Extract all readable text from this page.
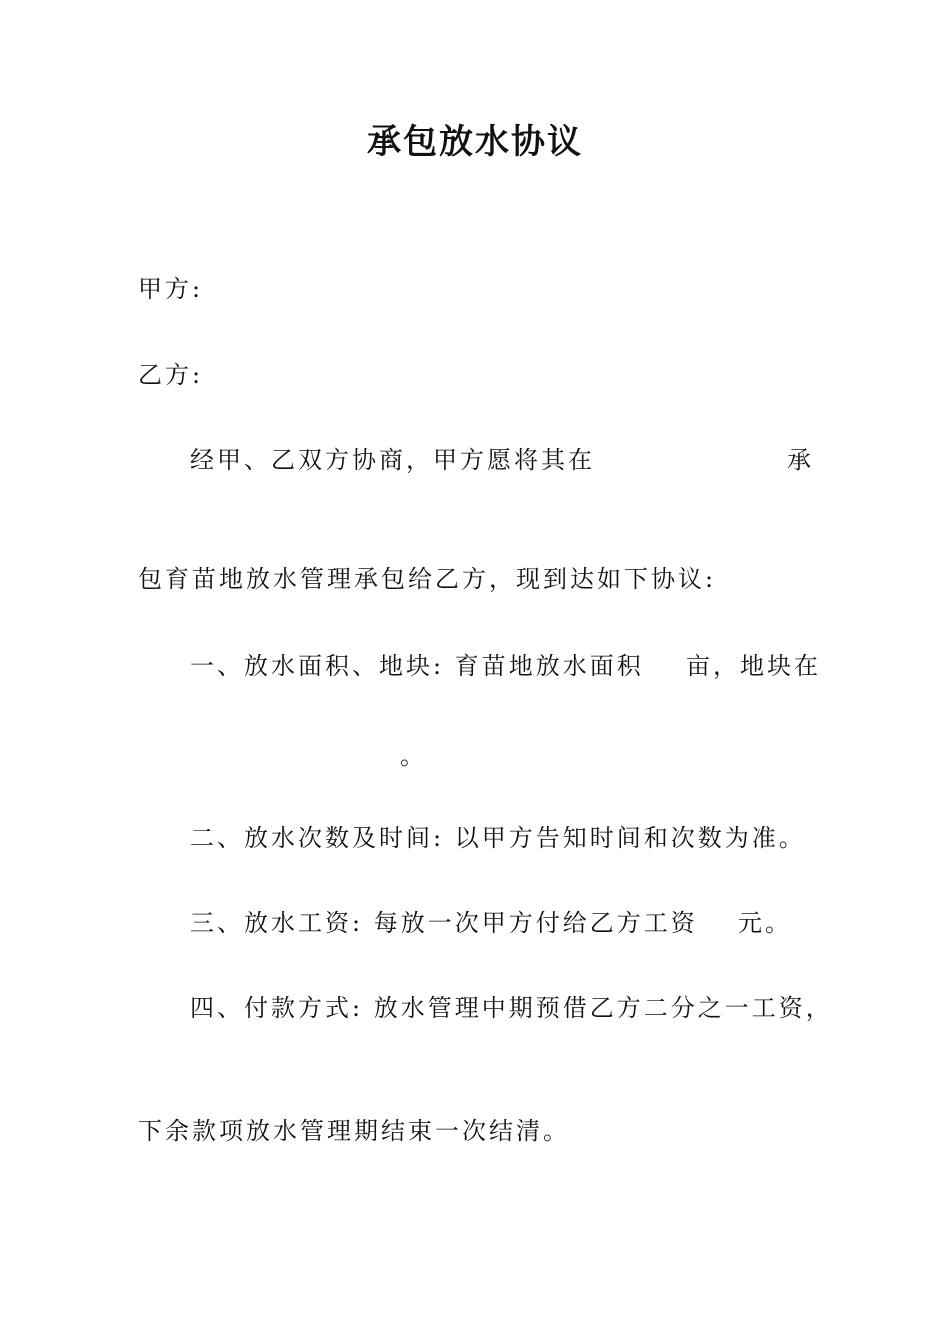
承包放水协议
甲方:
乙方:
经甲、乙双方协商，甲方愿将其在	承
包育苗地放水管理承包给乙方，现到达如下协议:
一、放水面积、地块: 育苗地放水面积 亩，地块在
。
二、放水次数及时间: 以甲方告知时间和次数为准。
三、放水工资: 每放一次甲方付给乙方工资 元。
四、付款方式: 放水管理中期预借乙方二分之一工资，
下余款项放水管理期结束一次结清。
